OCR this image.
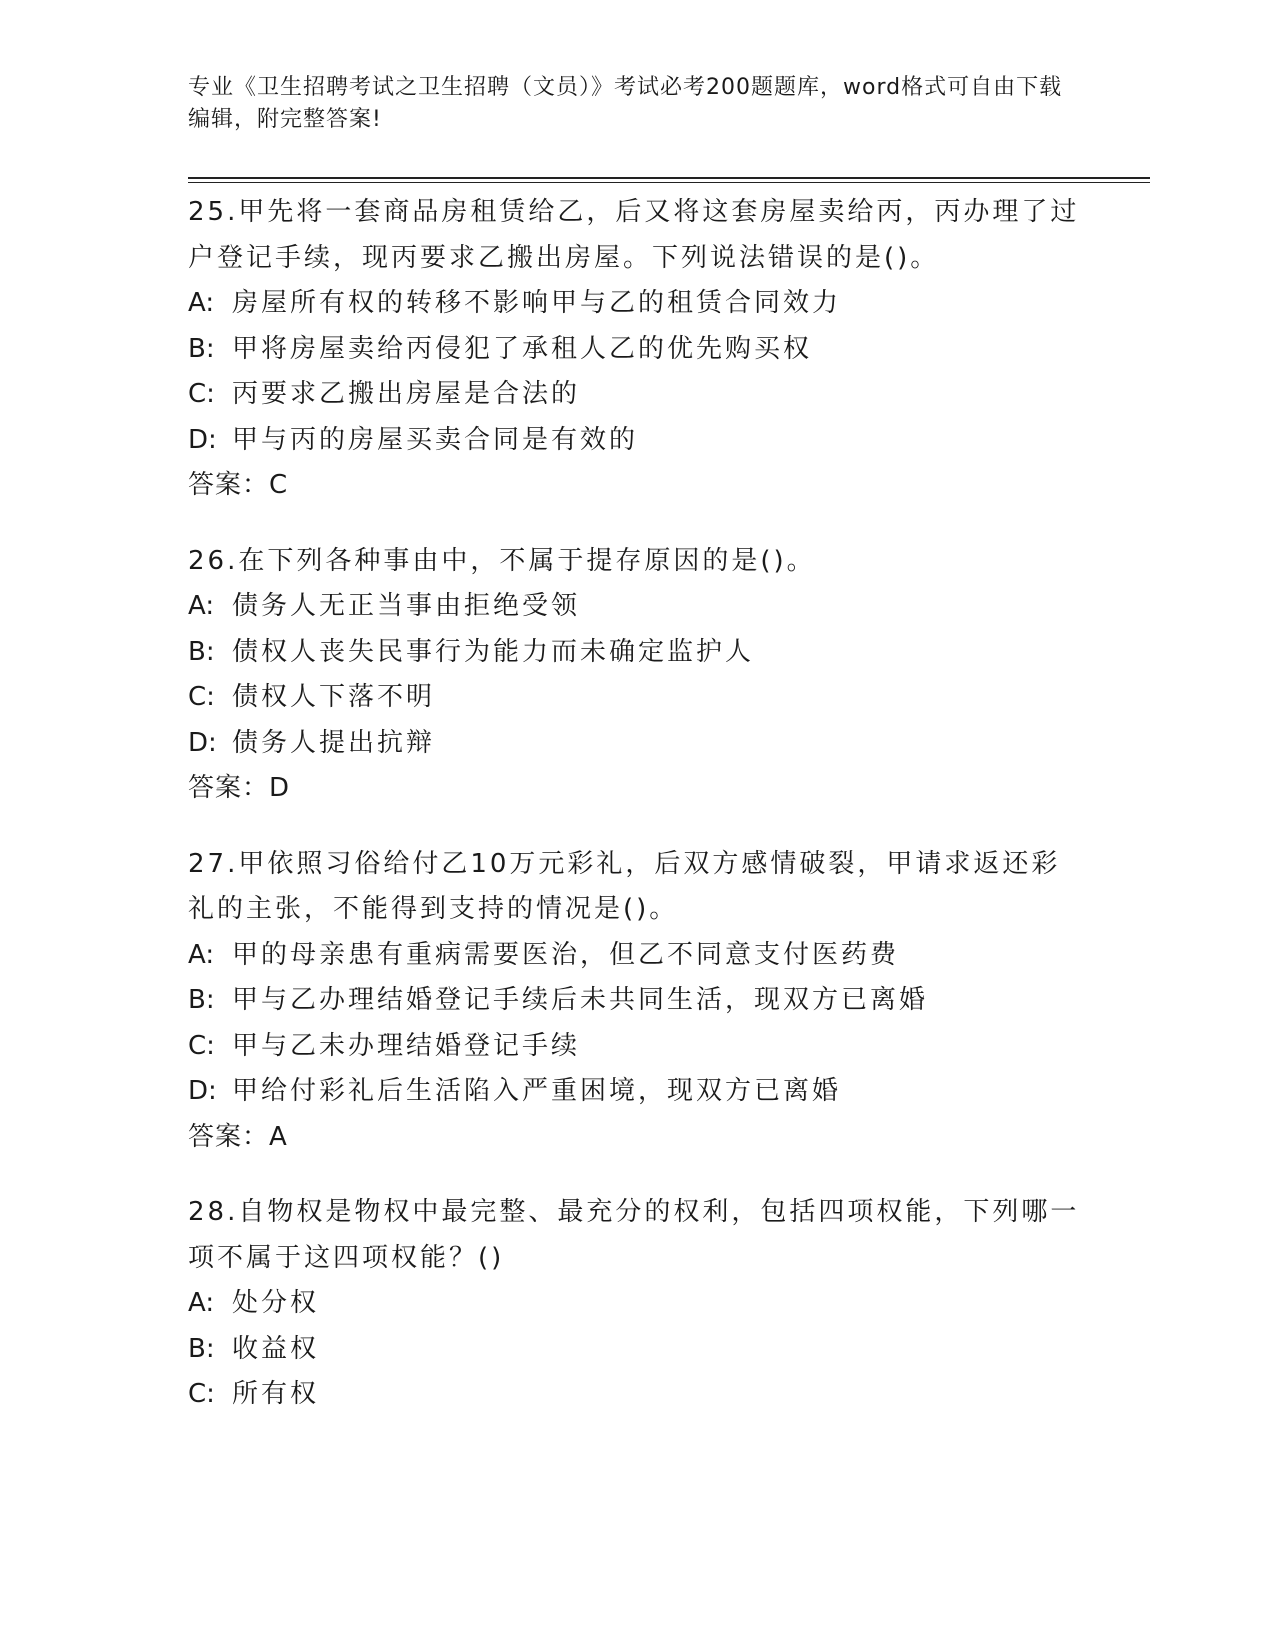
专业《卫生招聘考试之卫生招聘（文员）》考试必考200题题库，word格式可自由下载编辑，附完整答案!

25.甲先将一套商品房租赁给乙，后又将这套房屋卖给丙，丙办理了过户登记手续，现丙要求乙搬出房屋。下列说法错误的是()。

A: 房屋所有权的转移不影响甲与乙的租赁合同效力

B: 甲将房屋卖给丙侵犯了承租人乙的优先购买权

C: 丙要求乙搬出房屋是合法的

D: 甲与丙的房屋买卖合同是有效的

答案：C

26.在下列各种事由中，不属于提存原因的是()。

A: 债务人无正当事由拒绝受领

B: 债权人丧失民事行为能力而未确定监护人

C: 债权人下落不明

D: 债务人提出抗辩

答案：D

27.甲依照习俗给付乙10万元彩礼，后双方感情破裂，甲请求返还彩礼的主张，不能得到支持的情况是()。

A: 甲的母亲患有重病需要医治，但乙不同意支付医药费

B: 甲与乙办理结婚登记手续后未共同生活，现双方已离婚

C: 甲与乙未办理结婚登记手续

D: 甲给付彩礼后生活陷入严重困境，现双方已离婚

答案：A

28.自物权是物权中最完整、最充分的权利，包括四项权能，下列哪一项不属于这四项权能？()

A: 处分权

B: 收益权

C: 所有权
